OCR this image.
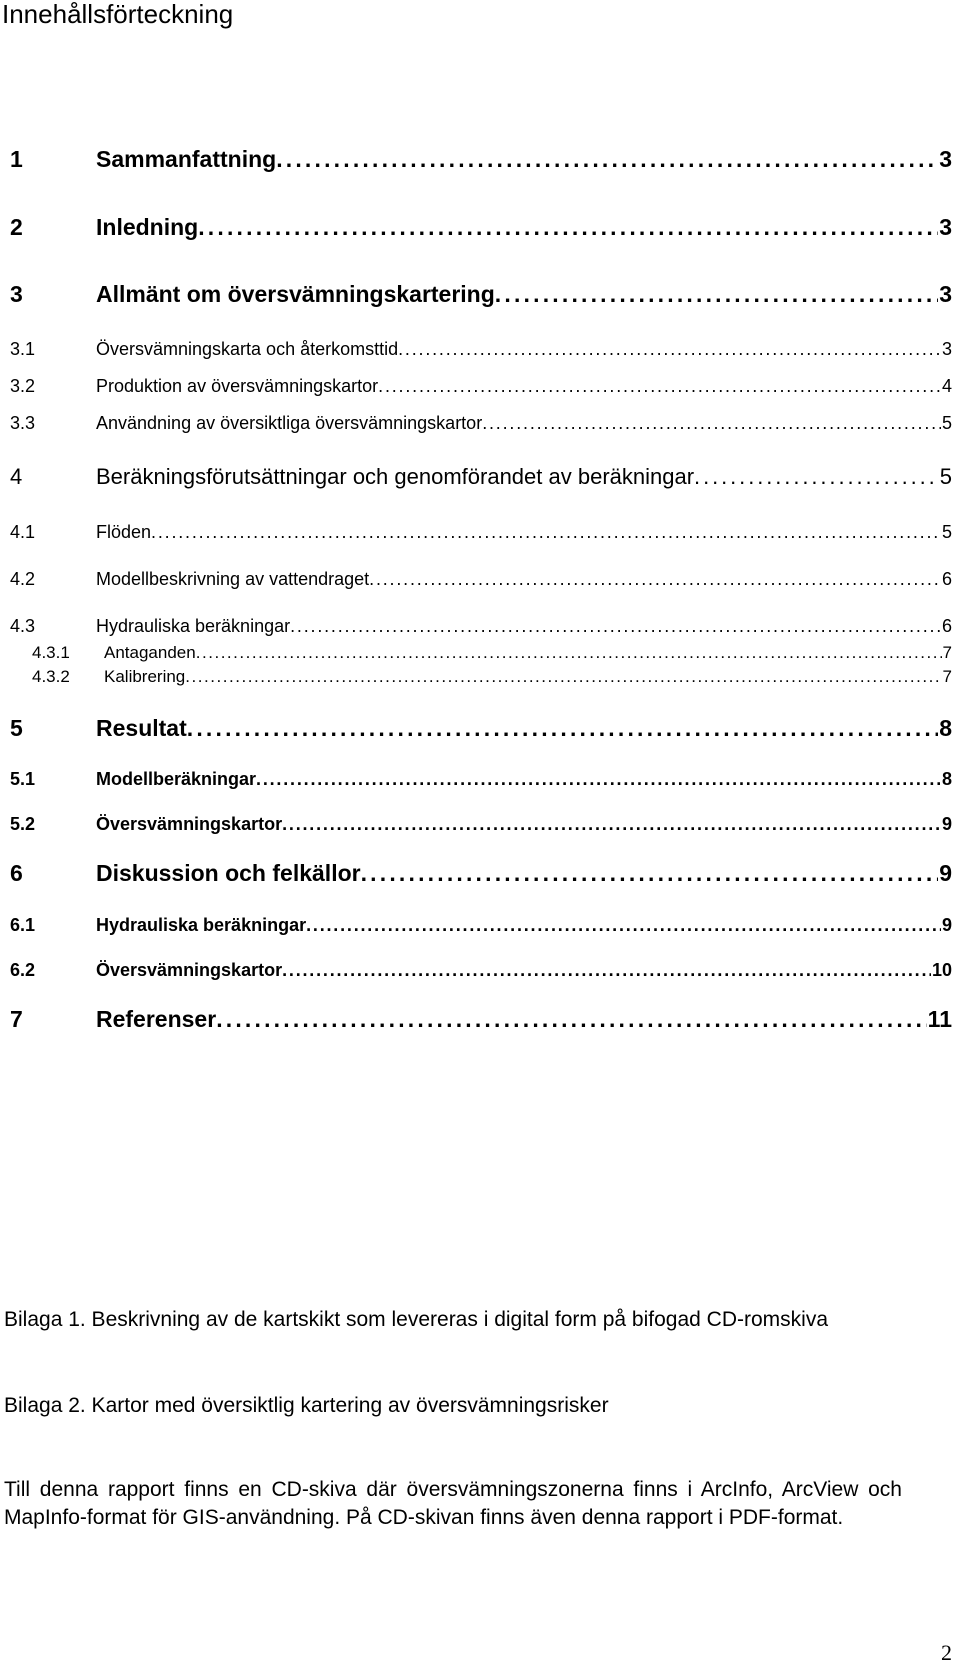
Innehållsförteckning
1	Sammanfattning . . .	3
2	Inledning . . .	3
3	Allmänt om översvämningskartering . . .	3
3.1	Översvämningskarta och återkomsttid . . .	3
3.2	Produktion av översvämningskartor . . .	4
3.3	Användning av översiktliga översvämningskartor . . .	5
4	Beräkningsförutsättningar och genomförandet av beräkningar . . .	5
4.1	Flöden . . .	5
4.2	Modellbeskrivning av vattendraget . . .	6
4.3	Hydrauliska beräkningar . . .	6
4.3.1	Antaganden . . .	7
4.3.2	Kalibrering . . .	7
5	Resultat . . .	8
5.1	Modellberäkningar . . .	8
5.2	Översvämningskartor . . .	9
6	Diskussion och felkällor . . .	9
6.1	Hydrauliska beräkningar . . .	9
6.2	Översvämningskartor . . .	10
7	Referenser . . .	11
Bilaga 1. Beskrivning av de kartskikt som levereras i digital form på bifogad CD-romskiva
Bilaga 2. Kartor med översiktlig kartering av översvämningsrisker
Till denna rapport finns en CD-skiva där översvämningszonerna finns i ArcInfo, ArcView och MapInfo-format för GIS-användning. På CD-skivan finns även denna rapport i PDF-format.
2
